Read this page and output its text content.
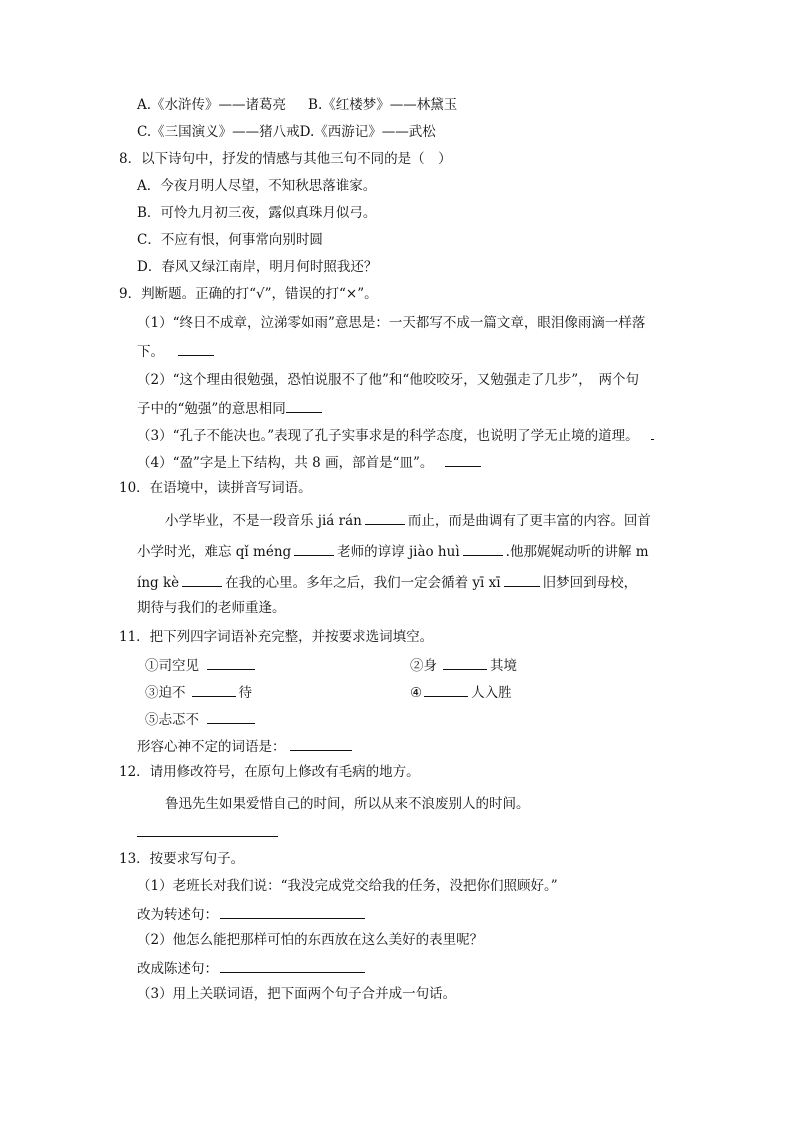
A.《水浒传》——诸葛亮 B.《红楼梦》——林黛玉
C.《三国演义》——猪八戒D.《西游记》——武松
8．以下诗句中，抒发的情感与其他三句不同的是（　）
A．今夜月明人尽望，不知秋思落谁家。
B．可怜九月初三夜，露似真珠月似弓。
C．不应有恨，何事常向别时圆
D．春风又绿江南岸，明月何时照我还？
9．判断题。正确的打“√”，错误的打“×”。
（1）“终日不成章，泣涕零如雨”意思是：一天都写不成一篇文章，眼泪像雨滴一样落
下。
（2）“这个理由很勉强，恐怕说服不了他”和“他咬咬牙，又勉强走了几步”，　两个句
子中的“勉强”的意思相同
（3）“孔子不能决也。”表现了孔子实事求是的科学态度，也说明了学无止境的道理。
（4）“盈”字是上下结构，共 8 画，部首是“皿”。
10．在语境中，读拼音写词语。
小学毕业，不是一段音乐 jiá rán	而止，而是曲调有了更丰富的内容。回首
小学时光，难忘 qǐ méng	老师的谆谆 jiào huì	.他那娓娓动听的讲解 m
íng kè	在我的心里。多年之后，我们一定会循着 yī xī	旧梦回到母校，
期待与我们的老师重逢。
11．把下列四字词语补充完整，并按要求选词填空。
①司空见	②身	其境
③迫不	待	④	人入胜
⑤忐忑不
形容心神不定的词语是：
12．请用修改符号，在原句上修改有毛病的地方。
鲁迅先生如果爱惜自己的时间，所以从来不浪废别人的时间。
13．按要求写句子。
（1）老班长对我们说：“我没完成党交给我的任务，没把你们照顾好。”
改为转述句：
（2）他怎么能把那样可怕的东西放在这么美好的表里呢？
改成陈述句：
（3）用上关联词语，把下面两个句子合并成一句话。
